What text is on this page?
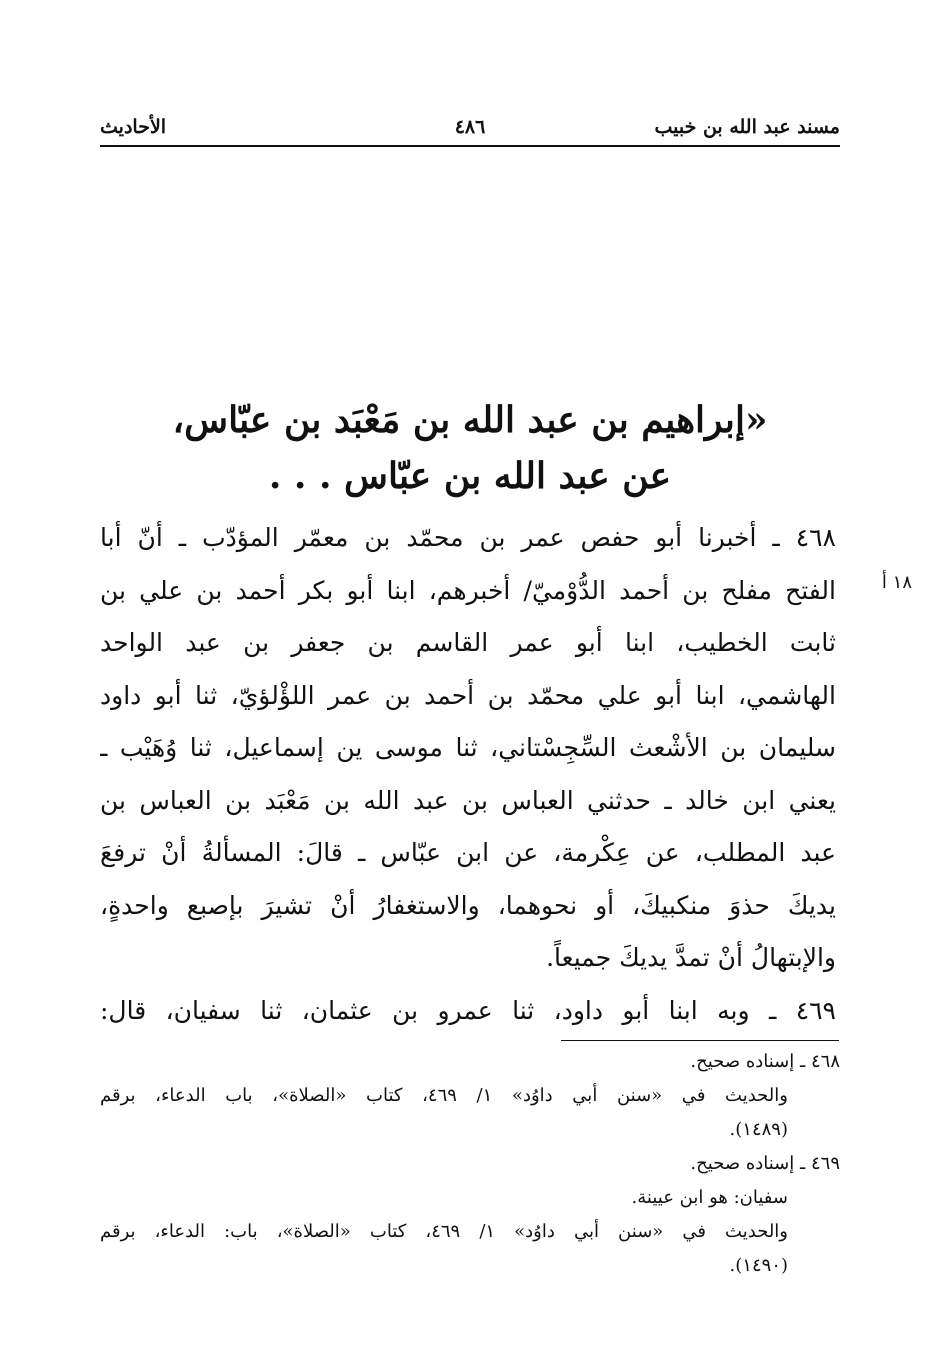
مسند عبد الله بن خبيب
٤٨٦
الأحاديث
«إبراهيم بن عبد الله بن مَعْبَد بن عبّاس،
عن عبد الله بن عبّاس . . .
١٨ أ
٤٦٨ ـ أخبرنا أبو حفص عمر بن محمّد بن معمّر المؤدّب ـ أنّ أبا
الفتح مفلح بن أحمد الدُّوْميّ/ أخبرهم، ابنا أبو بكر أحمد بن علي بن
ثابت الخطيب، ابنا أبو عمر القاسم بن جعفر بن عبد الواحد
الهاشمي، ابنا أبو علي محمّد بن أحمد بن عمر اللؤْلؤيّ، ثنا أبو داود
سليمان بن الأشْعث السِّجِسْتاني، ثنا موسى ين إسماعيل، ثنا وُهَيْب ـ
يعني ابن خالد ـ حدثني العباس بن عبد الله بن مَعْبَد بن العباس بن
عبد المطلب، عن عِكْرمة، عن ابن عبّاس ـ قالَ: المسألةُ أنْ ترفعَ
يديكَ حذوَ منكبيكَ، أو نحوهما، والاستغفارُ أنْ تشيرَ بإصبع واحدةٍ،
والإبتهالُ أنْ تمدَّ يديكَ جميعاً.
٤٦٩ ـ وبه ابنا أبو داود، ثنا عمرو بن عثمان، ثنا سفيان، قال:
٤٦٨ ـ إسناده صحيح.
والحديث في «سنن أبي داوُد» ١/ ٤٦٩، كتاب «الصلاة»، باب الدعاء، برقم
(١٤٨٩).
٤٦٩ ـ إسناده صحيح.
سفيان: هو ابن عيينة.
والحديث في «سنن أبي داوُد» ١/ ٤٦٩، كتاب «الصلاة»، باب: الدعاء، برقم
(١٤٩٠).
